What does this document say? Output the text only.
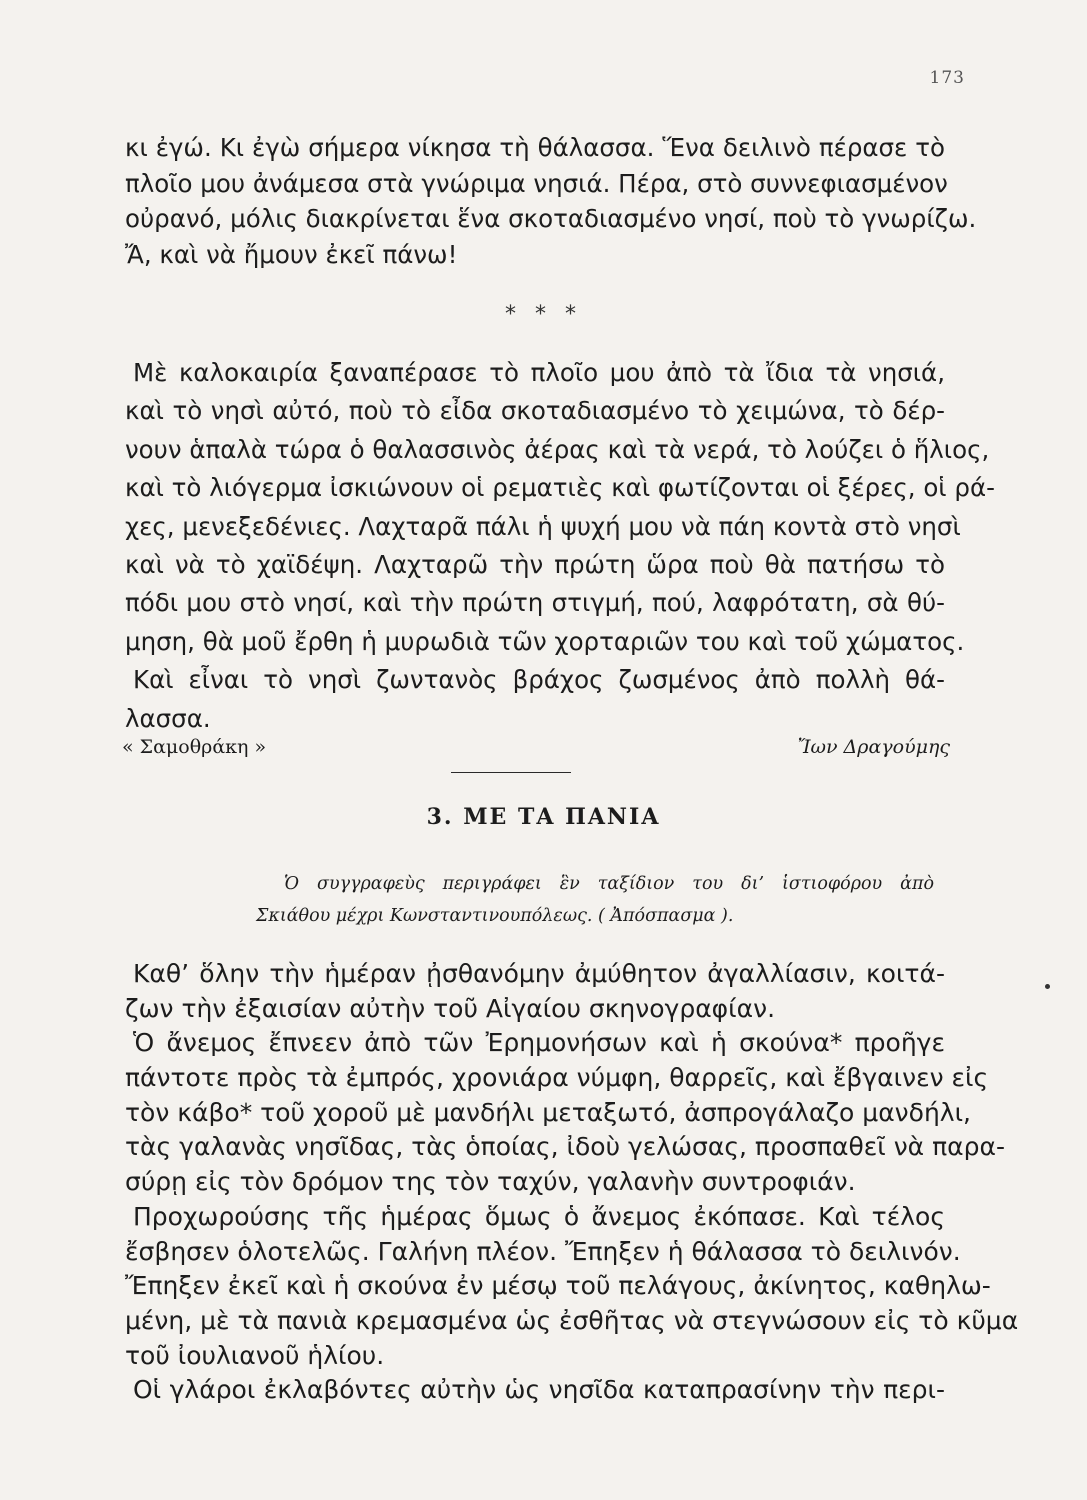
173
κι ἐγώ. Κι ἐγὼ σήμερα νίκησα τὴ θάλασσα. Ἕνα δειλινὸ πέρασε τὸ
πλοῖο μου ἀνάμεσα στὰ γνώριμα νησιά. Πέρα, στὸ συννεφιασμένον
οὐρανό, μόλις διακρίνεται ἕνα σκοταδιασμένο νησί, ποὺ τὸ γνωρίζω.
Ἄ, καὶ νὰ ἤμουν ἐκεῖ πάνω!
* * *
Μὲ καλοκαιρία ξαναπέρασε τὸ πλοῖο μου ἀπὸ τὰ ἴδια τὰ νησιά,
καὶ τὸ νησὶ αὐτό, ποὺ τὸ εἶδα σκοταδιασμένο τὸ χειμώνα, τὸ δέρ-
νουν ἁπαλὰ τώρα ὁ θαλασσινὸς ἀέρας καὶ τὰ νερά, τὸ λούζει ὁ ἥλιος,
καὶ τὸ λιόγερμα ἰσκιώνουν οἱ ρεματιὲς καὶ φωτίζονται οἱ ξέρες, οἱ ρά-
χες, μενεξεδένιες. Λαχταρᾶ πάλι ἡ ψυχή μου νὰ πάη κοντὰ στὸ νησὶ
καὶ νὰ τὸ χαϊδέψη. Λαχταρῶ τὴν πρώτη ὥρα ποὺ θὰ πατήσω τὸ
πόδι μου στὸ νησί, καὶ τὴν πρώτη στιγμή, πού, λαφρότατη, σὰ θύ-
μηση, θὰ μοῦ ἔρθη ἡ μυρωδιὰ τῶν χορταριῶν του καὶ τοῦ χώματος.
Καὶ εἶναι τὸ νησὶ ζωντανὸς βράχος ζωσμένος ἀπὸ πολλὴ θά-
λασσα.
« Σαμοθράκη »	Ἴων Δραγούμης
3. ΜΕ ΤΑ ΠΑΝΙΑ
Ὁ συγγραφεὺς περιγράφει ἓν ταξίδιον του δι’ ἱστιοφόρου ἀπὸ
Σκιάθου μέχρι Κωνσταντινουπόλεως. ( Ἀπόσπασμα ).
Καθ’ ὅλην τὴν ἡμέραν ᾐσθανόμην ἀμύθητον ἀγαλλίασιν, κοιτά-
ζων τὴν ἐξαισίαν αὐτὴν τοῦ Αἰγαίου σκηνογραφίαν.
Ὁ ἄνεμος ἔπνεεν ἀπὸ τῶν Ἐρημονήσων καὶ ἡ σκούνα* προῆγε
πάντοτε πρὸς τὰ ἐμπρός, χρονιάρα νύμφη, θαρρεῖς, καὶ ἔβγαινεν εἰς
τὸν κάβο* τοῦ χοροῦ μὲ μανδήλι μεταξωτό, ἀσπρογάλαζο μανδήλι,
τὰς γαλανὰς νησῖδας, τὰς ὁποίας, ἰδοὺ γελώσας, προσπαθεῖ νὰ παρα-
σύρῃ εἰς τὸν δρόμον της τὸν ταχύν, γαλανὴν συντροφιάν.
Προχωρούσης τῆς ἡμέρας ὅμως ὁ ἄνεμος ἐκόπασε. Καὶ τέλος
ἔσβησεν ὁλοτελῶς. Γαλήνη πλέον. Ἔπηξεν ἡ θάλασσα τὸ δειλινόν.
Ἔπηξεν ἐκεῖ καὶ ἡ σκούνα ἐν μέσῳ τοῦ πελάγους, ἀκίνητος, καθηλω-
μένη, μὲ τὰ πανιὰ κρεμασμένα ὡς ἐσθῆτας νὰ στεγνώσουν εἰς τὸ κῦμα
τοῦ ἰουλιανοῦ ἡλίου.
Οἱ γλάροι ἐκλαβόντες αὐτὴν ὡς νησῖδα καταπρασίνην τὴν περι-
